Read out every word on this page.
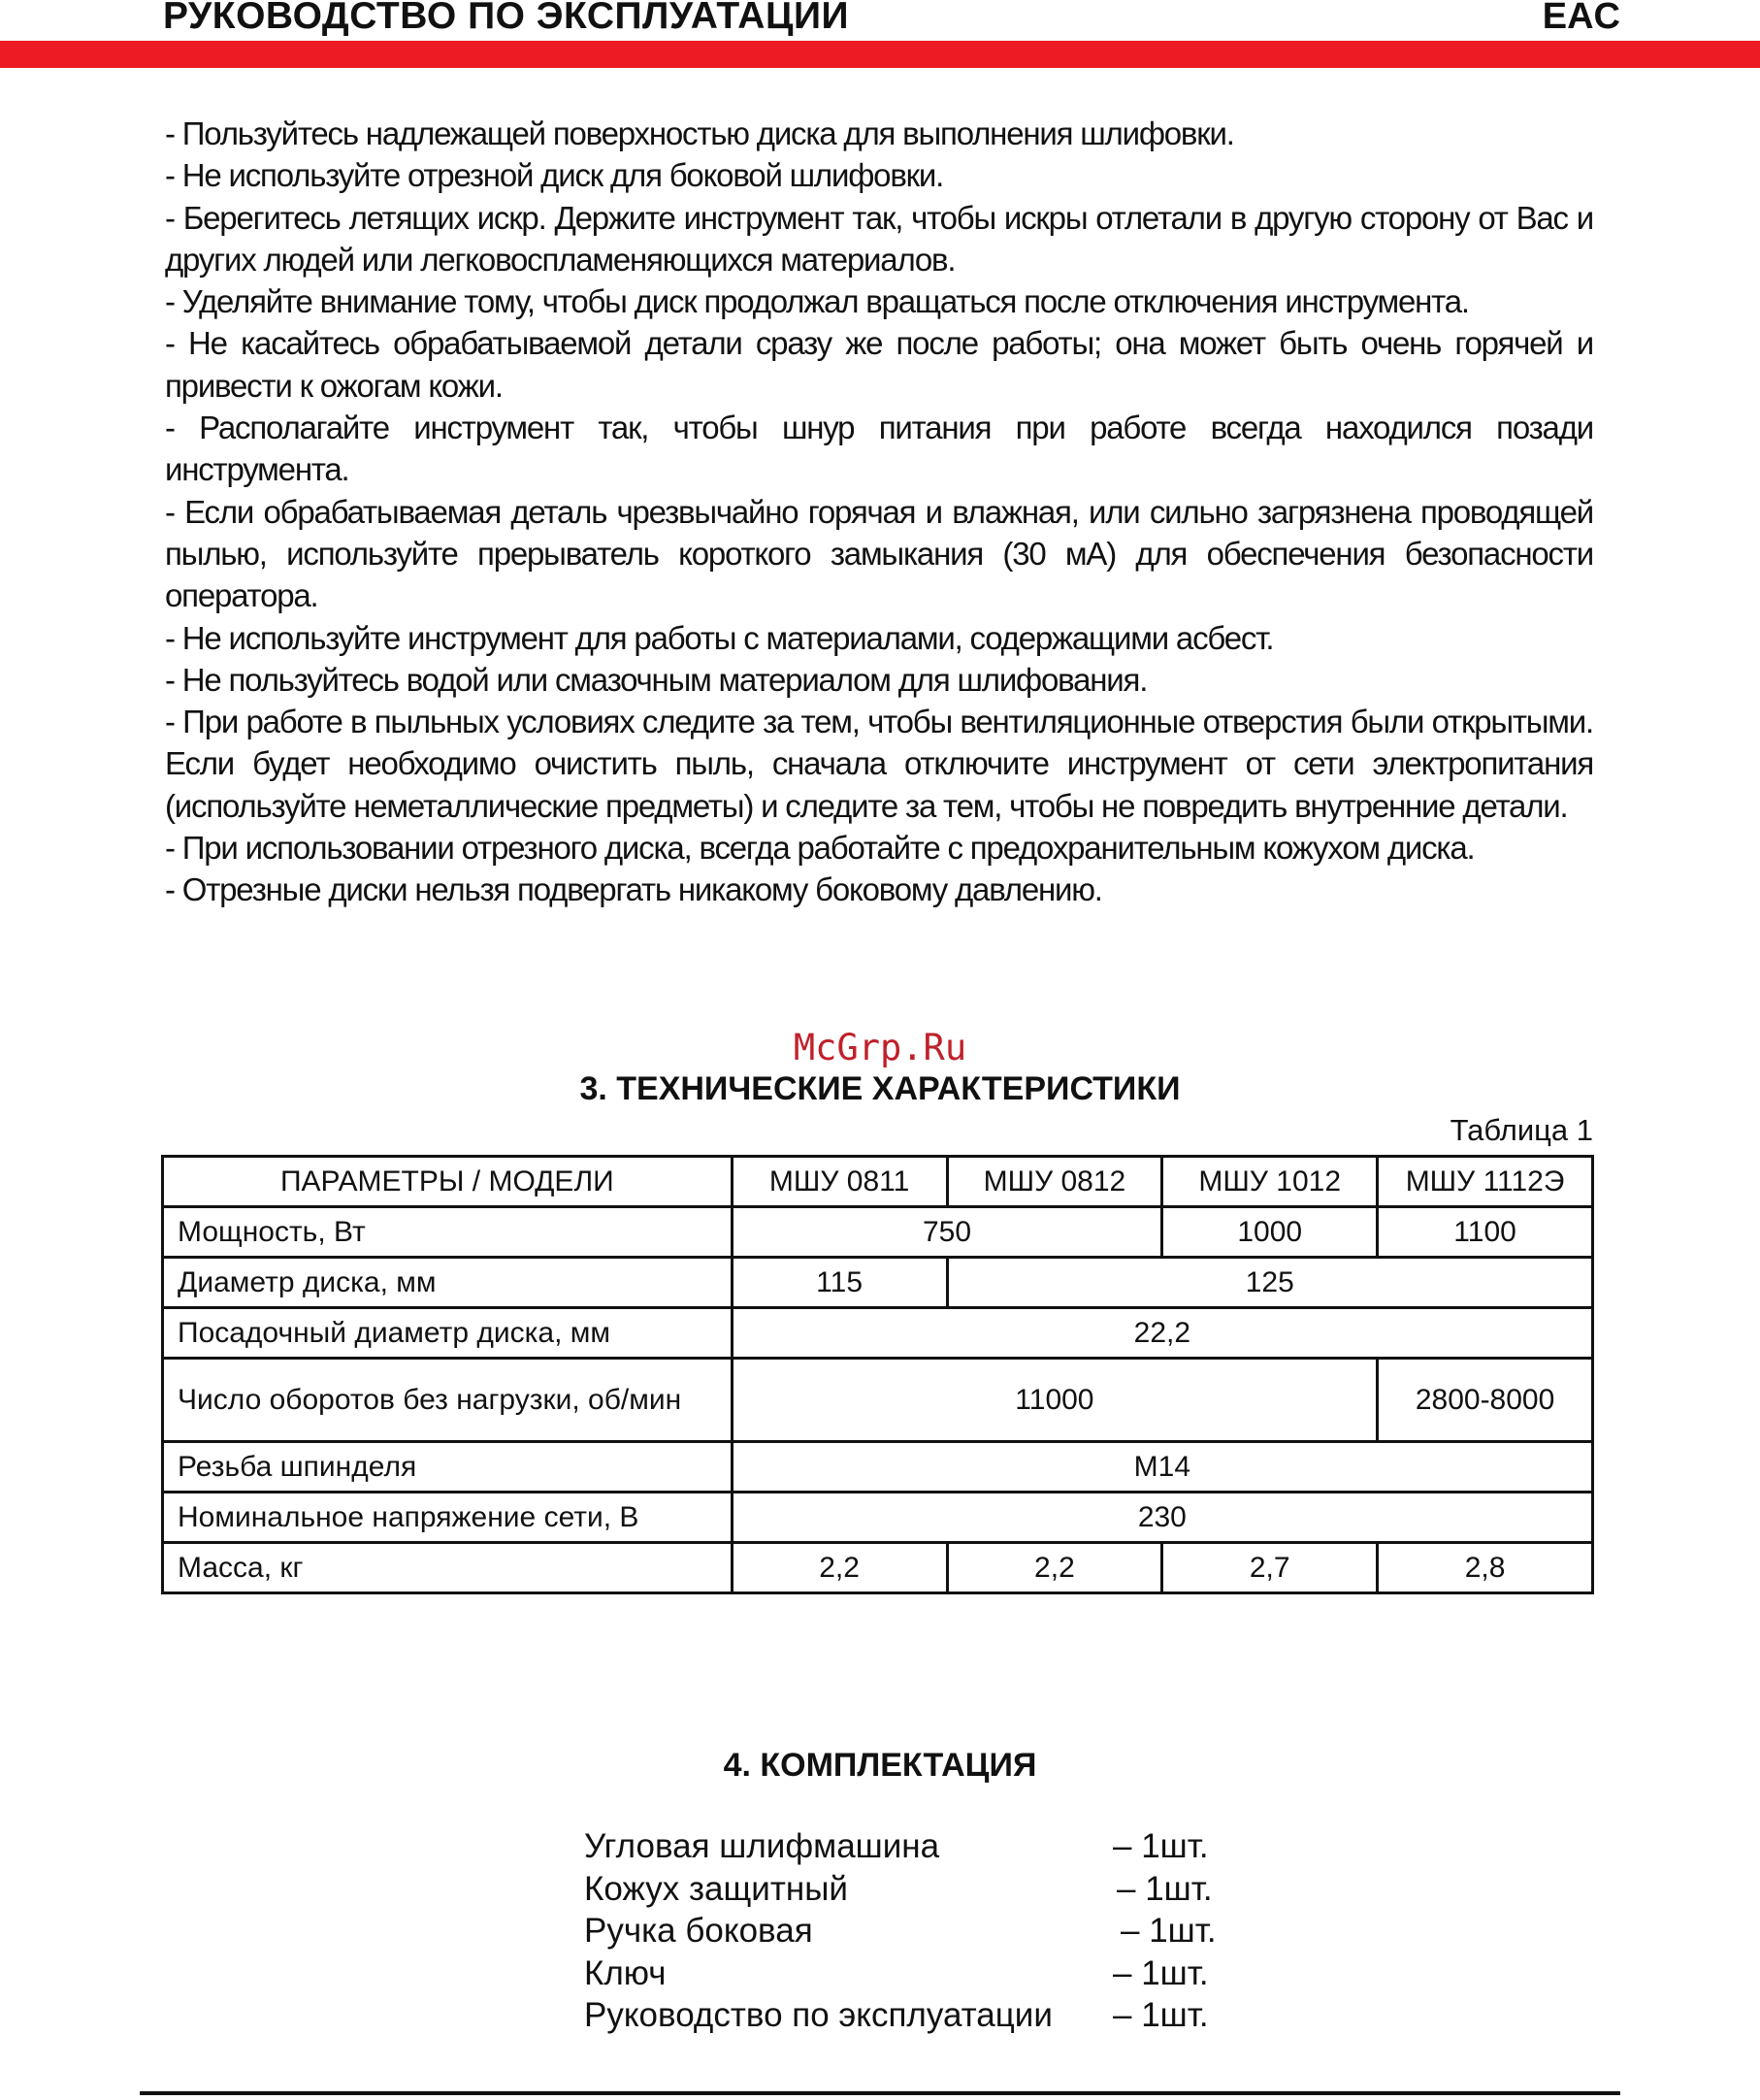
РУКОВОДСТВО ПО ЭКСПЛУАТАЦИИ	EAC

- Пользуйтесь надлежащей поверхностью диска для выполнения шлифовки.

- Не используйте отрезной диск для боковой шлифовки.

- Берегитесь летящих искр. Держите инструмент так, чтобы искры отлетали в другую сторону от Вас и других людей или легковоспламеняющихся материалов.

- Уделяйте внимание тому, чтобы диск продолжал вращаться после отключения инструмента.

- Не касайтесь обрабатываемой детали сразу же после работы; она может быть очень горячей и привести к ожогам кожи.

- Располагайте инструмент так, чтобы шнур питания при работе всегда находился позади инструмента.

- Если обрабатываемая деталь чрезвычайно горячая и влажная, или сильно загрязнена проводящей пылью, используйте прерыватель короткого замыкания (30 мА) для обеспечения безопасности оператора.

- Не используйте инструмент для работы с материалами, содержащими асбест.

- Не пользуйтесь водой или смазочным материалом для шлифования.

- При работе в пыльных условиях следите за тем, чтобы вентиляционные отверстия были открытыми. Если будет необходимо очистить пыль, сначала отключите инструмент от сети электропитания (используйте неметаллические предметы) и следите за тем, чтобы не повредить внутренние детали.

- При использовании отрезного диска, всегда работайте с предохранительным кожухом диска.

- Отрезные диски нельзя подвергать никакому боковому давлению.

McGrp.Ru
3. ТЕХНИЧЕСКИЕ ХАРАКТЕРИСТИКИ
Таблица 1
ПАРАМЕТРЫ / МОДЕЛИ	МШУ 0811	МШУ 0812	МШУ 1012	МШУ 1112Э
Мощность, Вт	750		1000	1100
Диаметр диска, мм	115	125		
Посадочный диаметр диска, мм	22,2			
Число оборотов без нагрузки, об/мин	11000			2800-8000
Резьба шпинделя	М14			
Номинальное напряжение сети, В	230			
Масса, кг	2,2	2,2	2,7	2,8
4. КОМПЛЕКТАЦИЯ
Угловая шлифмашина	– 1шт.
Кожух защитный	– 1шт.
Ручка боковая	– 1шт.
Ключ	– 1шт.
Руководство по эксплуатации – 1шт.
